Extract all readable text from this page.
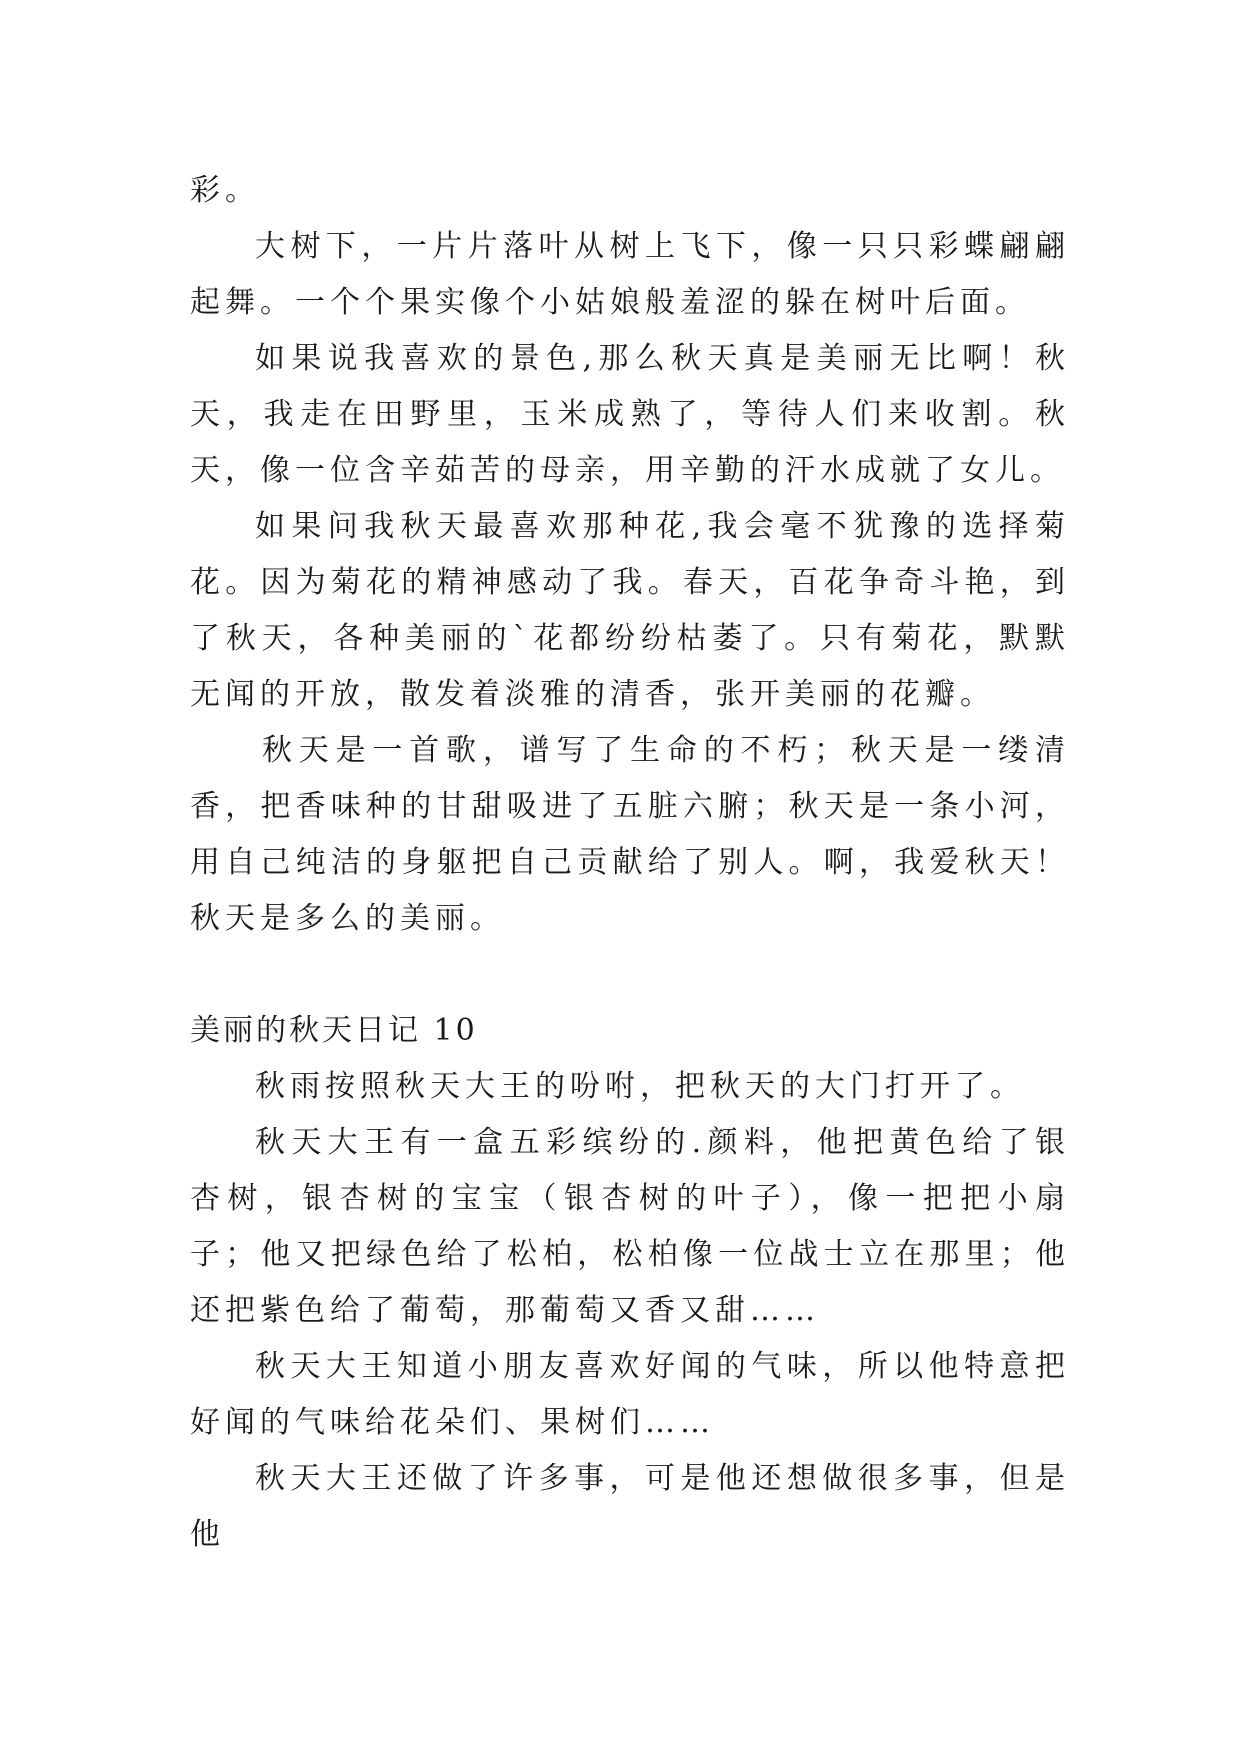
彩。

大树下，一片片落叶从树上飞下，像一只只彩蝶翩翩起舞。一个个果实像个小姑娘般羞涩的躲在树叶后面。

如果说我喜欢的景色,那么秋天真是美丽无比啊！秋天，我走在田野里，玉米成熟了，等待人们来收割。秋天，像一位含辛茹苦的母亲，用辛勤的汗水成就了女儿。

如果问我秋天最喜欢那种花,我会毫不犹豫的选择菊花。因为菊花的精神感动了我。春天，百花争奇斗艳，到了秋天，各种美丽的`花都纷纷枯萎了。只有菊花，默默无闻的开放，散发着淡雅的清香，张开美丽的花瓣。

秋天是一首歌，谱写了生命的不朽；秋天是一缕清香，把香味种的甘甜吸进了五脏六腑；秋天是一条小河，用自己纯洁的身躯把自己贡献给了别人。啊，我爱秋天！秋天是多么的美丽。

美丽的秋天日记 10

秋雨按照秋天大王的吩咐，把秋天的大门打开了。

秋天大王有一盒五彩缤纷的.颜料，他把黄色给了银杏树，银杏树的宝宝（银杏树的叶子），像一把把小扇子；他又把绿色给了松柏，松柏像一位战士立在那里；他还把紫色给了葡萄，那葡萄又香又甜……

秋天大王知道小朋友喜欢好闻的气味，所以他特意把好闻的气味给花朵们、果树们……

秋天大王还做了许多事，可是他还想做很多事，但是他
